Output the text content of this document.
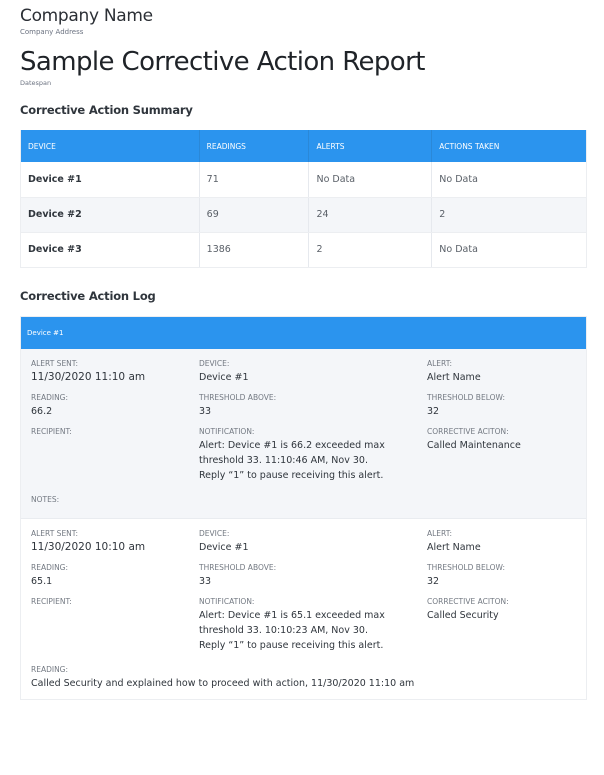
Company Name
Company Address
Sample Corrective Action Report
Datespan
Corrective Action Summary
DEVICE	READINGS	ALERTS	ACTIONS TAKEN
Device #1	71	No Data	No Data
Device #2	69	24	2
Device #3	1386	2	No Data
Corrective Action Log
Device #1
ALERT SENT:
11/30/2020 11:10 am
DEVICE:
Device #1
ALERT:
Alert Name
READING:
66.2
THRESHOLD ABOVE:
33
THRESHOLD BELOW:
32
RECIPIENT:	NOTIFICATION:
Alert: Device #1 is 66.2 exceeded max
threshold 33. 11:10:46 AM, Nov 30.
Reply “1” to pause receiving this alert.
CORRECTIVE ACITON:
Called Maintenance
NOTES:
ALERT SENT:
11/30/2020 10:10 am
DEVICE:
Device #1
ALERT:
Alert Name
READING:
65.1
THRESHOLD ABOVE:
33
THRESHOLD BELOW:
32
RECIPIENT:	NOTIFICATION:
Alert: Device #1 is 65.1 exceeded max
threshold 33. 10:10:23 AM, Nov 30.
Reply “1” to pause receiving this alert.
CORRECTIVE ACITON:
Called Security
READING:
Called Security and explained how to proceed with action, 11/30/2020 11:10 am
